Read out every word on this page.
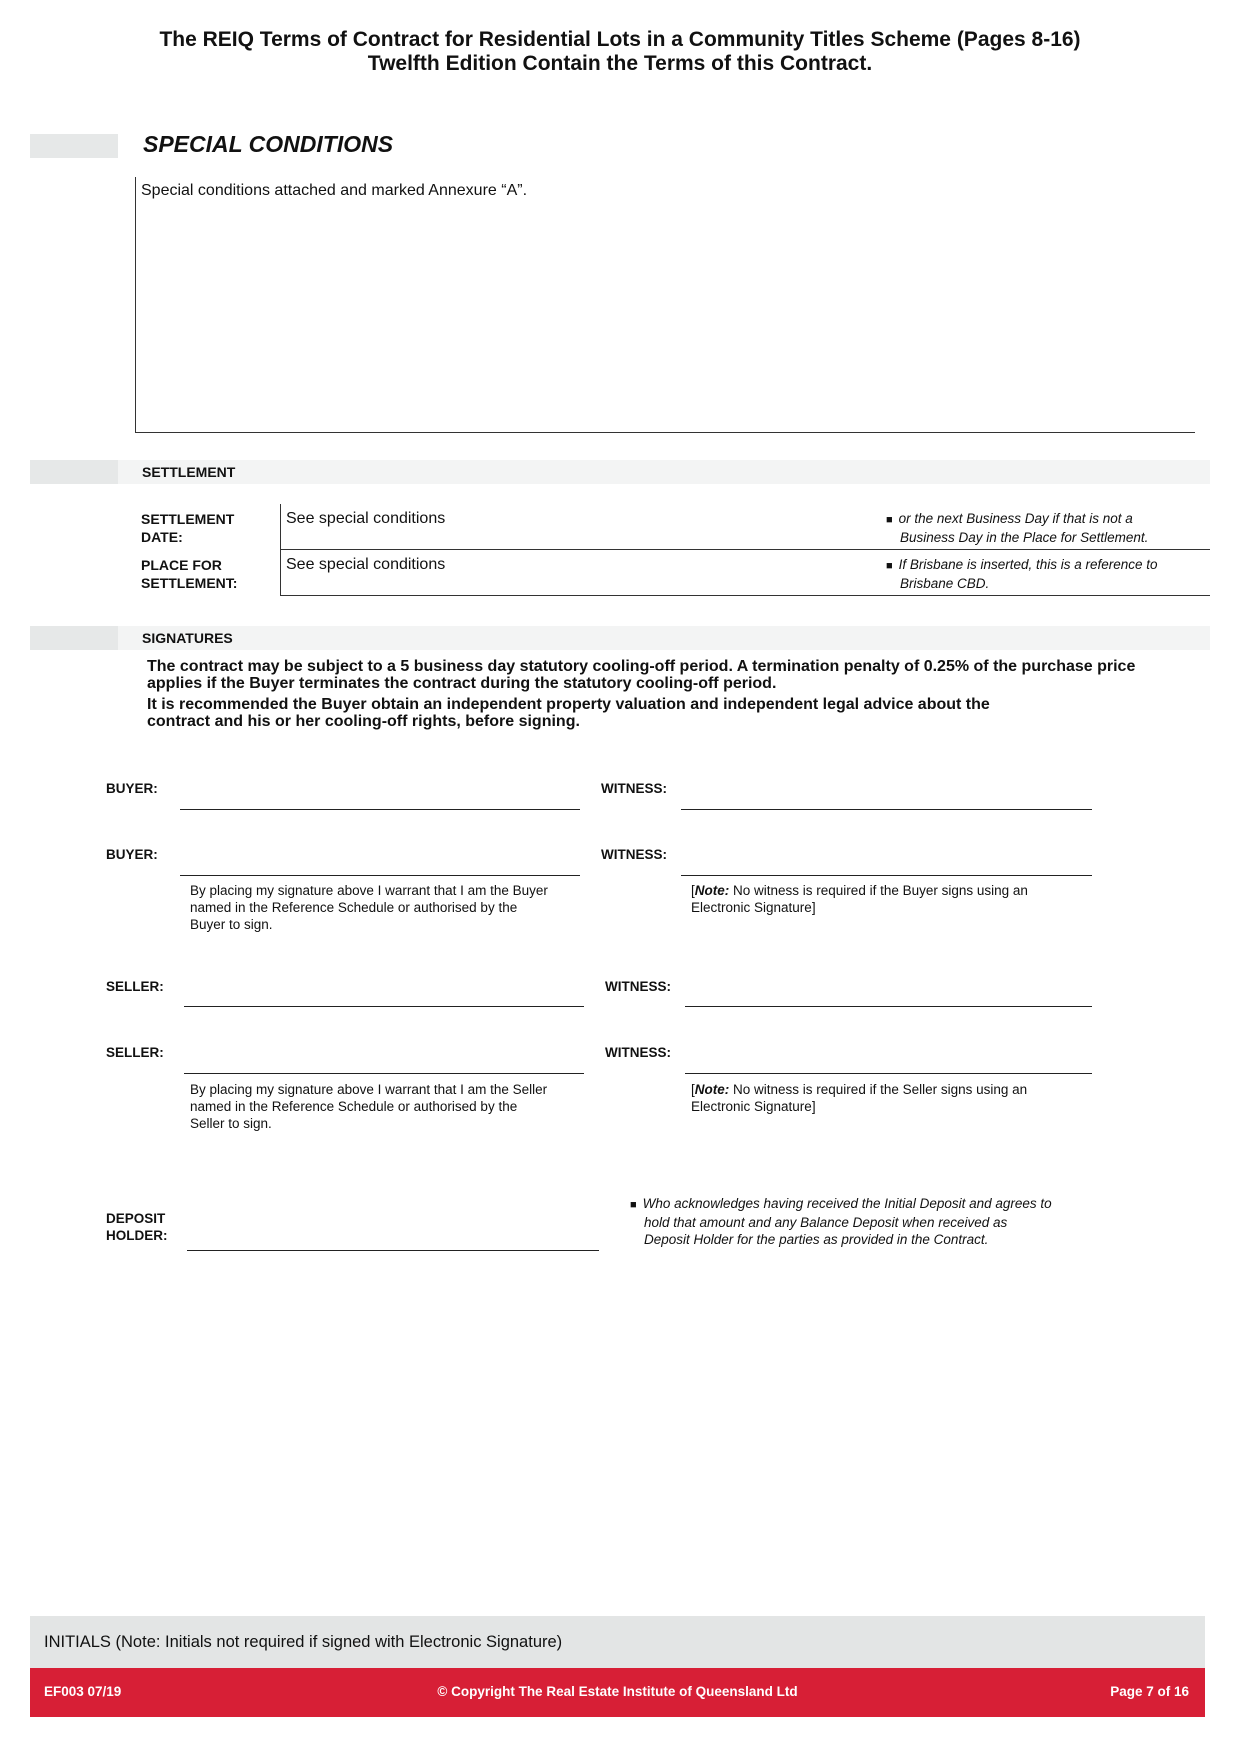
The REIQ Terms of Contract for Residential Lots in a Community Titles Scheme (Pages 8-16)
Twelfth Edition Contain the Terms of this Contract.
SPECIAL CONDITIONS
Special conditions attached and marked Annexure “A”.
SETTLEMENT
SETTLEMENT
DATE:
See special conditions	■ or the next Business Day if that is not a
Business Day in the Place for Settlement.
PLACE FOR
SETTLEMENT:
See special conditions	■ If Brisbane is inserted, this is a reference to
Brisbane CBD.
SIGNATURES
The contract may be subject to a 5 business day statutory cooling-off period. A termination penalty of 0.25% of the purchase price
applies if the Buyer terminates the contract during the statutory cooling-off period.
It is recommended the Buyer obtain an independent property valuation and independent legal advice about the
contract and his or her cooling-off rights, before signing.
BUYER:	WITNESS:
BUYER:	WITNESS:
By placing my signature above I warrant that I am the Buyer
named in the Reference Schedule or authorised by the
Buyer to sign.
[Note: No witness is required if the Buyer signs using an
Electronic Signature]
SELLER:	WITNESS:
SELLER:	WITNESS:
By placing my signature above I warrant that I am the Seller
named in the Reference Schedule or authorised by the
Seller to sign.
[Note: No witness is required if the Seller signs using an
Electronic Signature]
DEPOSIT
HOLDER:
■ Who acknowledges having received the Initial Deposit and agrees to
hold that amount and any Balance Deposit when received as
Deposit Holder for the parties as provided in the Contract.
INITIALS (Note: Initials not required if signed with Electronic Signature)
EF003 07/19	© Copyright The Real Estate Institute of Queensland Ltd	Page 7 of 16
